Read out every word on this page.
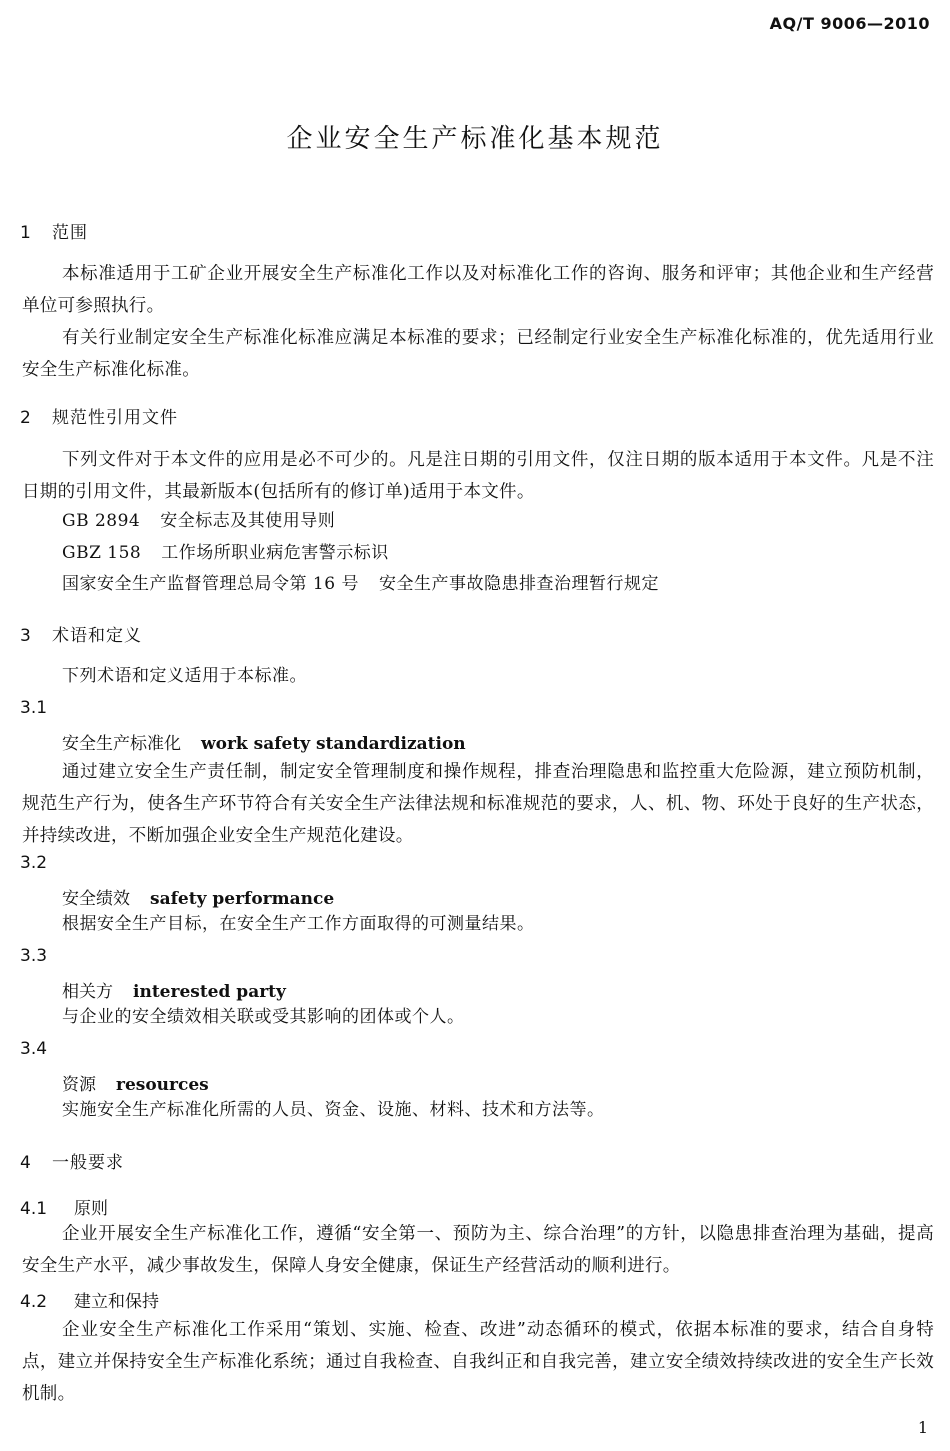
AQ/T 9006—2010
企业安全生产标准化基本规范
1 范围
本标准适用于工矿企业开展安全生产标准化工作以及对标准化工作的咨询、服务和评审；其他企业和生产经营单位可参照执行。
有关行业制定安全生产标准化标准应满足本标准的要求；已经制定行业安全生产标准化标准的，优先适用行业安全生产标准化标准。
2 规范性引用文件
下列文件对于本文件的应用是必不可少的。凡是注日期的引用文件，仅注日期的版本适用于本文件。凡是不注日期的引用文件，其最新版本(包括所有的修订单)适用于本文件。
GB 2894 安全标志及其使用导则
GBZ 158 工作场所职业病危害警示标识
国家安全生产监督管理总局令第 16 号 安全生产事故隐患排查治理暂行规定
3 术语和定义
下列术语和定义适用于本标准。
3.1
安全生产标准化 work safety standardization
通过建立安全生产责任制，制定安全管理制度和操作规程，排查治理隐患和监控重大危险源，建立预防机制，规范生产行为，使各生产环节符合有关安全生产法律法规和标准规范的要求，人、机、物、环处于良好的生产状态，并持续改进，不断加强企业安全生产规范化建设。
3.2
安全绩效 safety performance
根据安全生产目标，在安全生产工作方面取得的可测量结果。
3.3
相关方 interested party
与企业的安全绩效相关联或受其影响的团体或个人。
3.4
资源 resources
实施安全生产标准化所需的人员、资金、设施、材料、技术和方法等。
4 一般要求
4.1 原则
企业开展安全生产标准化工作，遵循“安全第一、预防为主、综合治理”的方针，以隐患排查治理为基础，提高安全生产水平，减少事故发生，保障人身安全健康，保证生产经营活动的顺利进行。
4.2 建立和保持
企业安全生产标准化工作采用“策划、实施、检查、改进”动态循环的模式，依据本标准的要求，结合自身特点，建立并保持安全生产标准化系统；通过自我检查、自我纠正和自我完善，建立安全绩效持续改进的安全生产长效机制。
1
